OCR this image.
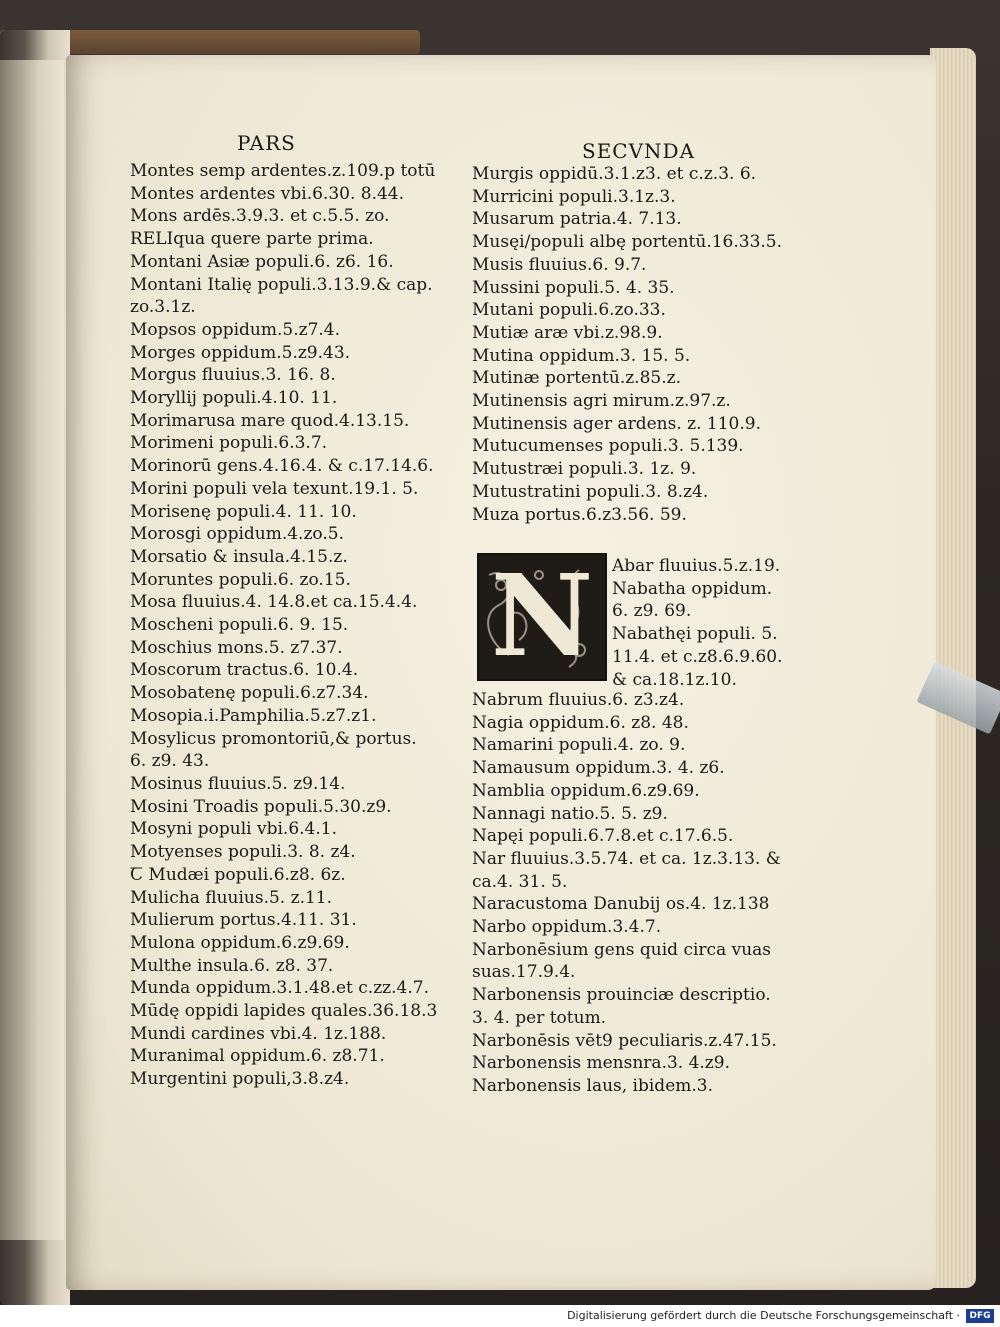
PARS	SECVNDA
Montes semp ardentes.z.109.p totū
Montes ardentes vbi.6.30. 8.44.
Mons ardēs.3.9.3. et c.5.5. zo.
RELIqua quere parte prima.
Montani Asiæ populi.6. z6. 16.
Montani Italię populi.3.13.9.& cap.
zo.3.1z.
Mopsos oppidum.5.z7.4.
Morges oppidum.5.z9.43.
Morgus fluuius.3. 16. 8.
Moryllij populi.4.10. 11.
Morimarusa mare quod.4.13.15.
Morimeni populi.6.3.7.
Morinorū gens.4.16.4. & c.17.14.6.
Morini populi vela texunt.19.1. 5.
Morisenę populi.4. 11. 10.
Morosgi oppidum.4.zo.5.
Morsatio & insula.4.15.z.
Moruntes populi.6. zo.15.
Mosa fluuius.4. 14.8.et ca.15.4.4.
Moscheni populi.6. 9. 15.
Moschius mons.5. z7.37.
Moscorum tractus.6. 10.4.
Mosobatenę populi.6.z7.34.
Mosopia.i.Pamphilia.5.z7.z1.
Mosylicus promontoriū,& portus.
6. z9. 43.
Mosinus fluuius.5. z9.14.
Mosini Troadis populi.5.30.z9.
Mosyni populi vbi.6.4.1.
Motyenses populi.3. 8. z4.
Ꞇ Mudæi populi.6.z8. 6z.
Mulicha fluuius.5. z.11.
Mulierum portus.4.11. 31.
Mulona oppidum.6.z9.69.
Multhe insula.6. z8. 37.
Munda oppidum.3.1.48.et c.zz.4.7.
Mūdę oppidi lapides quales.36.18.3
Mundi cardines vbi.4. 1z.188.
Muranimal oppidum.6. z8.71.
Murgentini populi,3.8.z4.
Murgis oppidū.3.1.z3. et c.z.3. 6.
Murricini populi.3.1z.3.
Musarum patria.4. 7.13.
Musęi/populi albę portentū.16.33.5.
Musis fluuius.6. 9.7.
Mussini populi.5. 4. 35.
Mutani populi.6.zo.33.
Mutiæ aræ vbi.z.98.9.
Mutina oppidum.3. 15. 5.
Mutinæ portentū.z.85.z.
Mutinensis agri mirum.z.97.z.
Mutinensis ager ardens. z. 110.9.
Mutucumenses populi.3. 5.139.
Mutustræi populi.3. 1z. 9.
Mutustratini populi.3. 8.z4.
Muza portus.6.z3.56. 59.
N Abar fluuius.5.z.19.
Nabatha oppidum.
6. z9. 69.
Nabathęi populi. 5.
11.4. et c.z8.6.9.60.
& ca.18.1z.10.
Nabrum fluuius.6. z3.z4.
Nagia oppidum.6. z8. 48.
Namarini populi.4. zo. 9.
Namausum oppidum.3. 4. z6.
Namblia oppidum.6.z9.69.
Nannagi natio.5. 5. z9.
Napęi populi.6.7.8.et c.17.6.5.
Nar fluuius.3.5.74. et ca. 1z.3.13. &
ca.4. 31. 5.
Naracustoma Danubij os.4. 1z.138
Narbo oppidum.3.4.7.
Narbonēsium gens quid circa vuas
suas.17.9.4.
Narbonensis prouinciæ descriptio.
3. 4. per totum.
Narbonēsis vēt9 peculiaris.z.47.15.
Narbonensis mensnra.3. 4.z9.
Narbonensis laus, ibidem.3.
Digitalisierung gefördert durch die Deutsche Forschungsgemeinschaft ·	DFG
